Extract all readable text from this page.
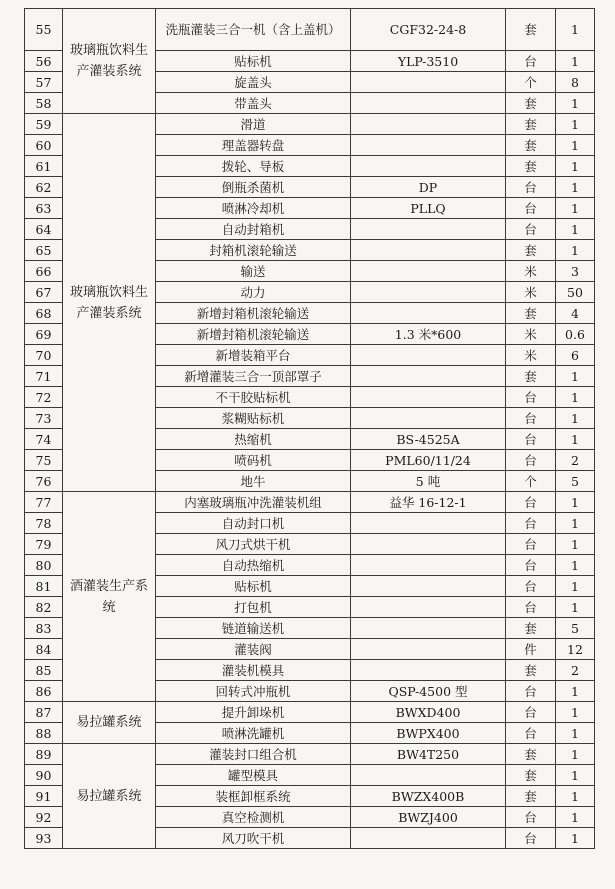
55	玻璃瓶饮料生产灌装系统	洗瓶灌装三合一机（含上盖机）	CGF32-24-8	套	1
56		贴标机	YLP-3510	台	1
57		旋盖头		个	8
58		带盖头		套	1
59	玻璃瓶饮料生产灌装系统	滑道		套	1
60		理盖器转盘		套	1
61		拨轮、导板		套	1
62		倒瓶杀菌机	DP	台	1
63		喷淋冷却机	PLLQ	台	1
64		自动封箱机		台	1
65		封箱机滚轮输送		套	1
66		输送		米	3
67		动力		米	50
68		新增封箱机滚轮输送		套	4
69		新增封箱机滚轮输送	1.3 米*600	米	0.6
70		新增装箱平台		米	6
71		新增灌装三合一顶部罩子		套	1
72		不干胶贴标机		台	1
73		浆糊贴标机		台	1
74		热缩机	BS-4525A	台	1
75		喷码机	PML60/11/24	台	2
76		地牛	5 吨	个	5
77	酒灌装生产系统	内塞玻璃瓶冲洗灌装机组	益华 16-12-1	台	1
78		自动封口机		台	1
79		风刀式烘干机		台	1
80		自动热缩机		台	1
81		贴标机		台	1
82		打包机		台	1
83		链道输送机		套	5
84		灌装阀		件	12
85		灌装机模具		套	2
86		回转式冲瓶机	QSP-4500 型	台	1
87	易拉罐系统	提升卸垛机	BWXD400	台	1
88		喷淋洗罐机	BWPX400	台	1
89	易拉罐系统	灌装封口组合机	BW4T250	套	1
90		罐型模具		套	1
91		装框卸框系统	BWZX400B	套	1
92		真空检测机	BWZJ400	台	1
93		风刀吹干机		台	1
